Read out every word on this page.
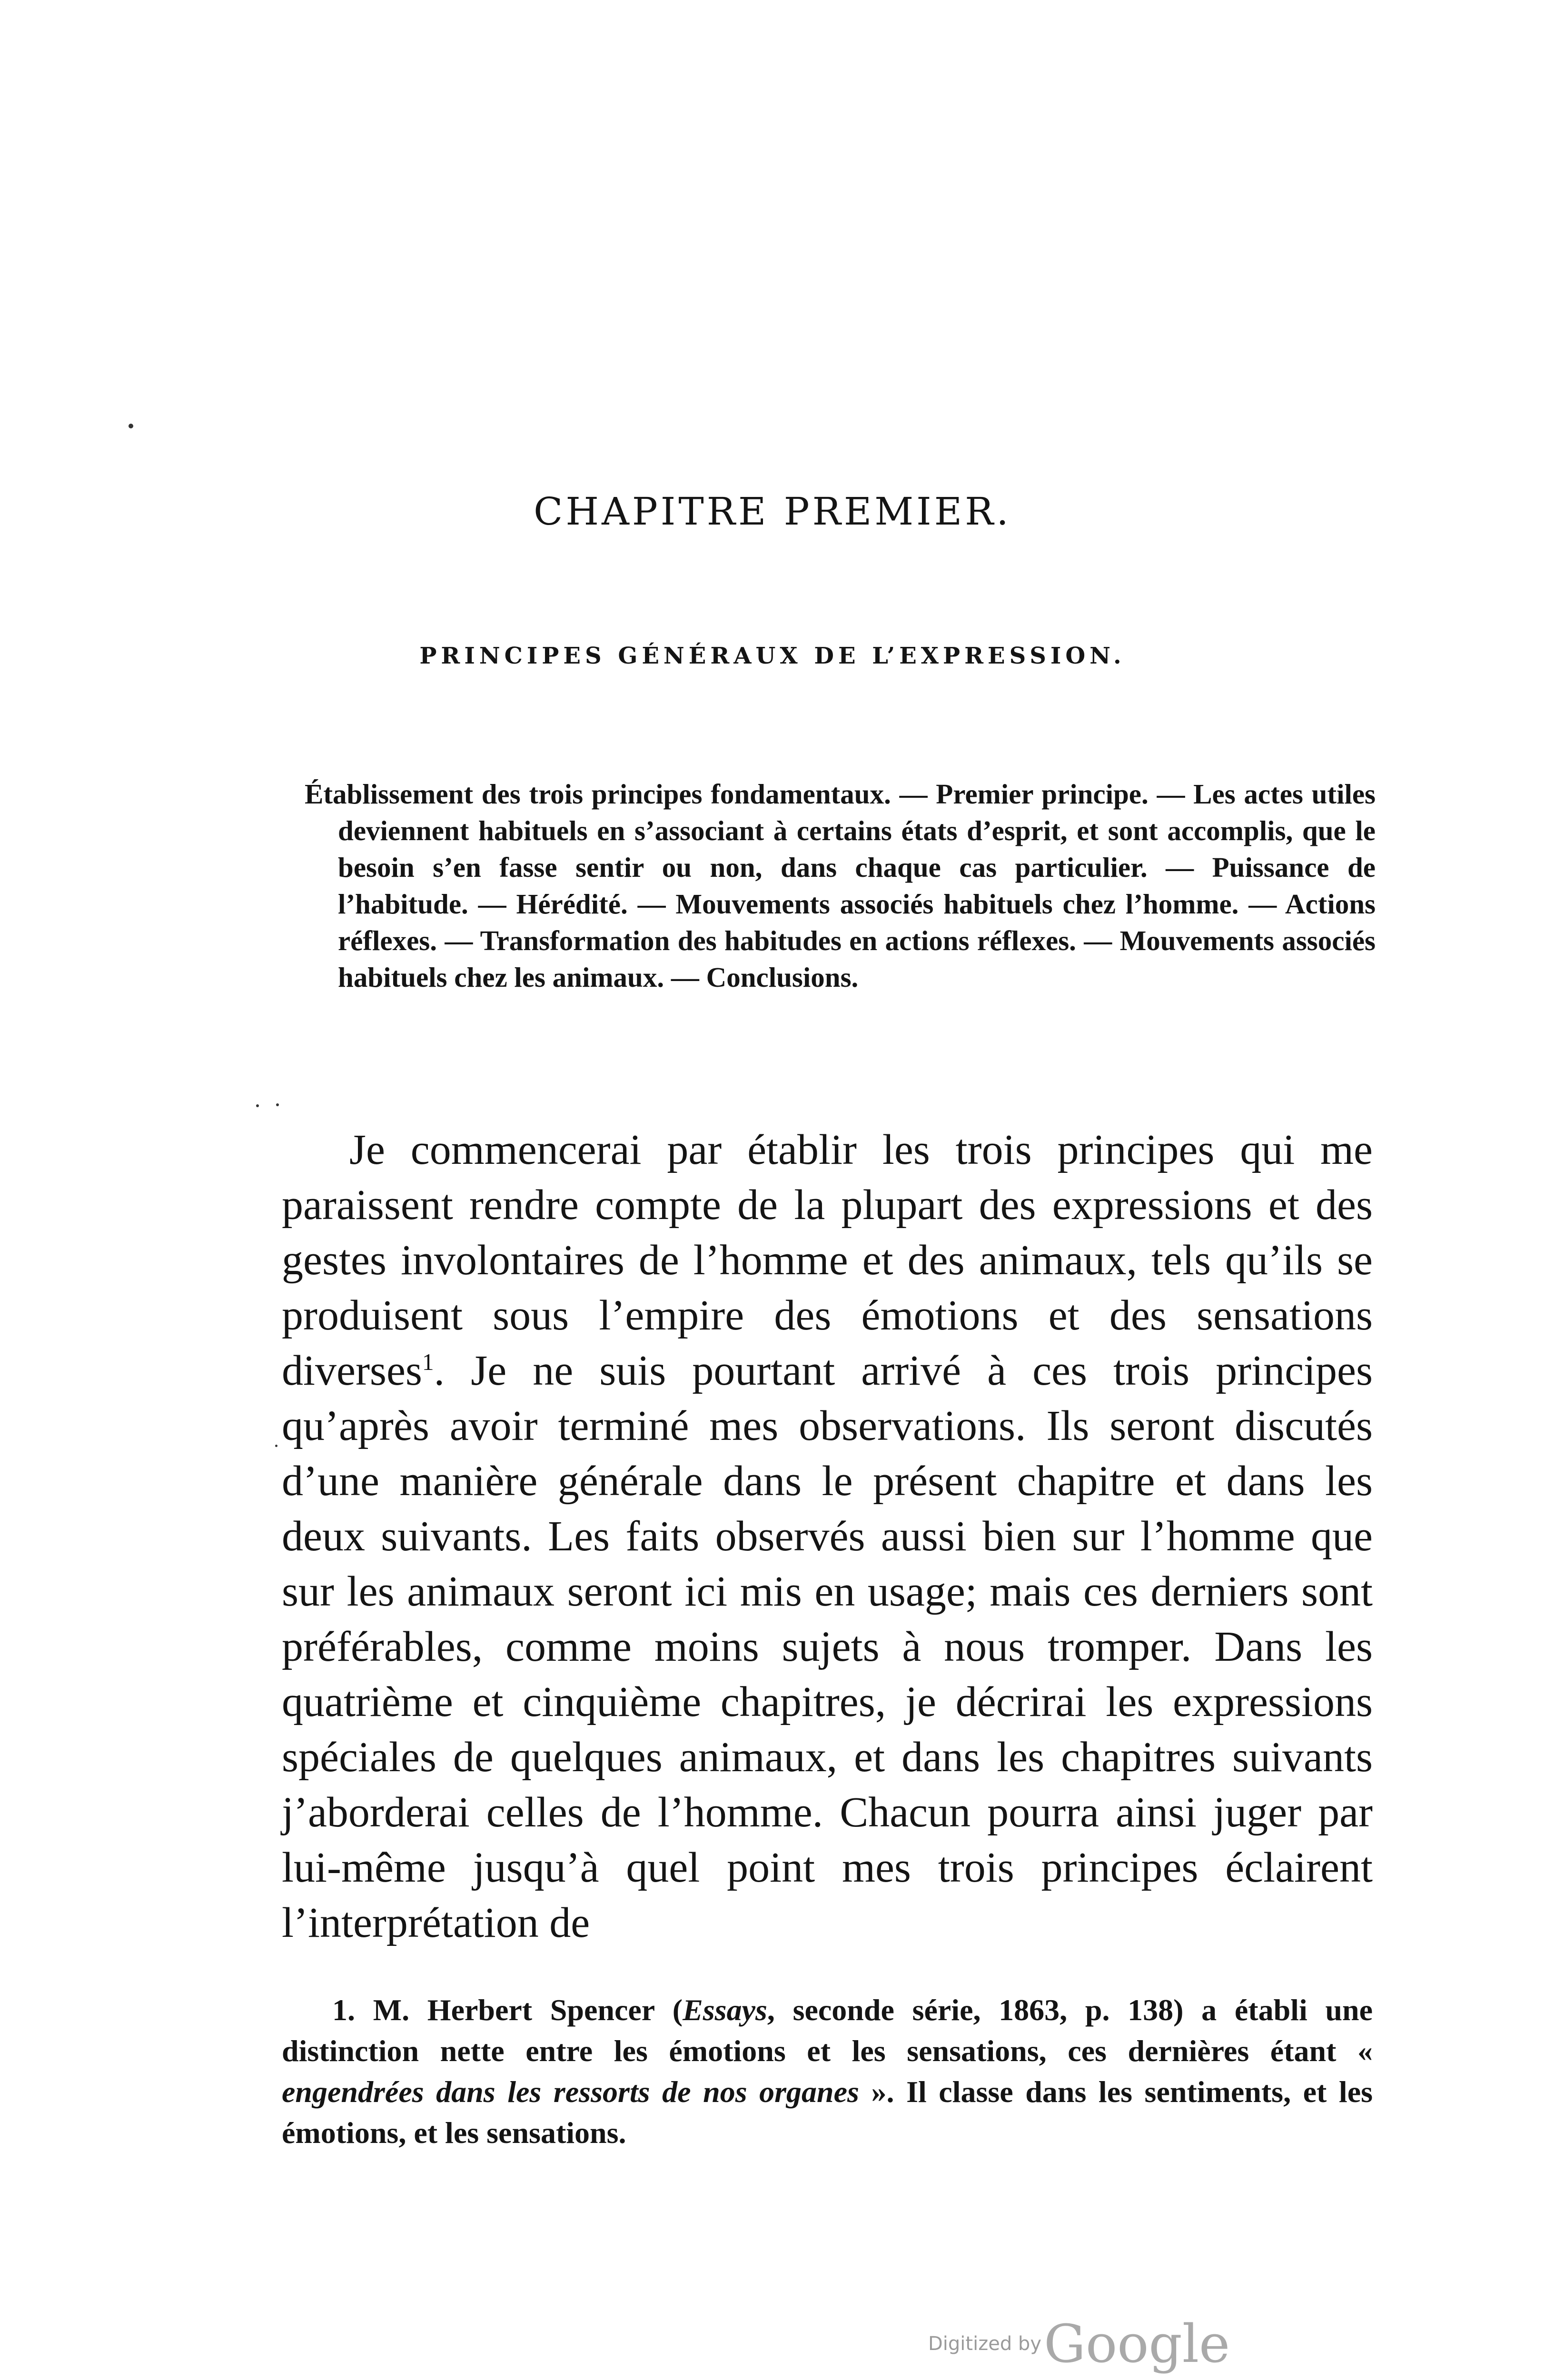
CHAPITRE PREMIER.
PRINCIPES GÉNÉRAUX DE L’EXPRESSION.

Établissement des trois principes fondamentaux. — Premier principe. — Les actes utiles deviennent habituels en s’associant à certains états d’esprit, et sont accomplis, que le besoin s’en fasse sentir ou non, dans chaque cas particulier. — Puissance de l’habitude. — Hérédité. — Mouvements associés habituels chez l’homme. — Actions réflexes. — Transformation des habitudes en actions réflexes. — Mouvements associés habituels chez les animaux. — Conclusions.

Je commencerai par établir les trois principes qui me paraissent rendre compte de la plupart des expressions et des gestes involontaires de l’homme et des animaux, tels qu’ils se produisent sous l’empire des émotions et des sensations diverses$^1$. Je ne suis pourtant arrivé à ces trois principes qu’après avoir terminé mes observations. Ils seront discutés d’une manière générale dans le présent chapitre et dans les deux suivants. Les faits observés aussi bien sur l’homme que sur les animaux seront ici mis en usage; mais ces derniers sont préférables, comme moins sujets à nous tromper. Dans les quatrième et cinquième chapitres, je décrirai les expressions spéciales de quelques animaux, et dans les chapitres suivants j’aborderai celles de l’homme. Chacun pourra ainsi juger par lui-même jusqu’à quel point mes trois principes éclairent l’interprétation de

1. M. Herbert Spencer (Essays, seconde série, 1863, p. 138) a établi une distinction nette entre les émotions et les sensations, ces dernières étant « engendrées dans les ressorts de nos organes ». Il classe dans les sentiments, et les émotions, et les sensations.

Digitized by Google
